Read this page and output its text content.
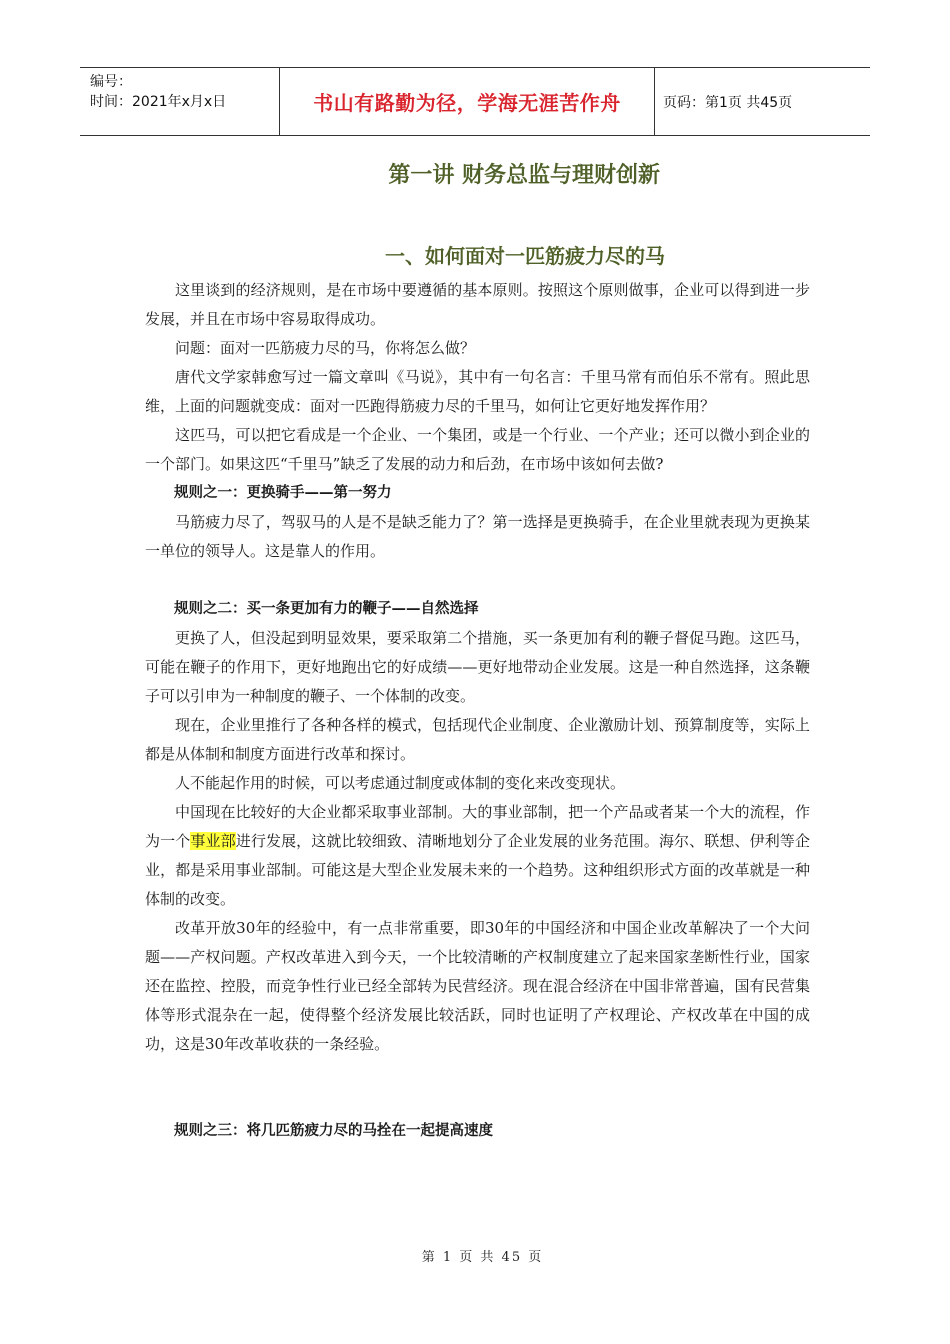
编号：
时间：2021年x月x日	书山有路勤为径，学海无涯苦作舟	页码：第1页 共45页
第一讲 财务总监与理财创新
一、如何面对一匹筋疲力尽的马

这里谈到的经济规则，是在市场中要遵循的基本原则。按照这个原则做事，企业可以得到进一步发展，并且在市场中容易取得成功。

问题：面对一匹筋疲力尽的马，你将怎么做？

唐代文学家韩愈写过一篇文章叫《马说》，其中有一句名言：千里马常有而伯乐不常有。照此思维，上面的问题就变成：面对一匹跑得筋疲力尽的千里马，如何让它更好地发挥作用？

这匹马，可以把它看成是一个企业、一个集团，或是一个行业、一个产业；还可以微小到企业的一个部门。如果这匹“千里马”缺乏了发展的动力和后劲，在市场中该如何去做?

规则之一：更换骑手——第一努力

马筋疲力尽了，驾驭马的人是不是缺乏能力了？第一选择是更换骑手，在企业里就表现为更换某一单位的领导人。这是靠人的作用。

规则之二：买一条更加有力的鞭子——自然选择

更换了人，但没起到明显效果，要采取第二个措施，买一条更加有利的鞭子督促马跑。这匹马，可能在鞭子的作用下，更好地跑出它的好成绩——更好地带动企业发展。这是一种自然选择，这条鞭子可以引申为一种制度的鞭子、一个体制的改变。

现在，企业里推行了各种各样的模式，包括现代企业制度、企业激励计划、预算制度等，实际上都是从体制和制度方面进行改革和探讨。

人不能起作用的时候，可以考虑通过制度或体制的变化来改变现状。

中国现在比较好的大企业都采取事业部制。大的事业部制，把一个产品或者某一个大的流程，作为一个事业部进行发展，这就比较细致、清晰地划分了企业发展的业务范围。海尔、联想、伊利等企业，都是采用事业部制。可能这是大型企业发展未来的一个趋势。这种组织形式方面的改革就是一种体制的改变。

改革开放30年的经验中，有一点非常重要，即30年的中国经济和中国企业改革解决了一个大问题——产权问题。产权改革进入到今天，一个比较清晰的产权制度建立了起来国家垄断性行业，国家还在监控、控股，而竞争性行业已经全部转为民营经济。现在混合经济在中国非常普遍，国有民营集体等形式混杂在一起，使得整个经济发展比较活跃，同时也证明了产权理论、产权改革在中国的成功，这是30年改革收获的一条经验。

规则之三：将几匹筋疲力尽的马拴在一起提高速度

第 1 页 共 45 页
